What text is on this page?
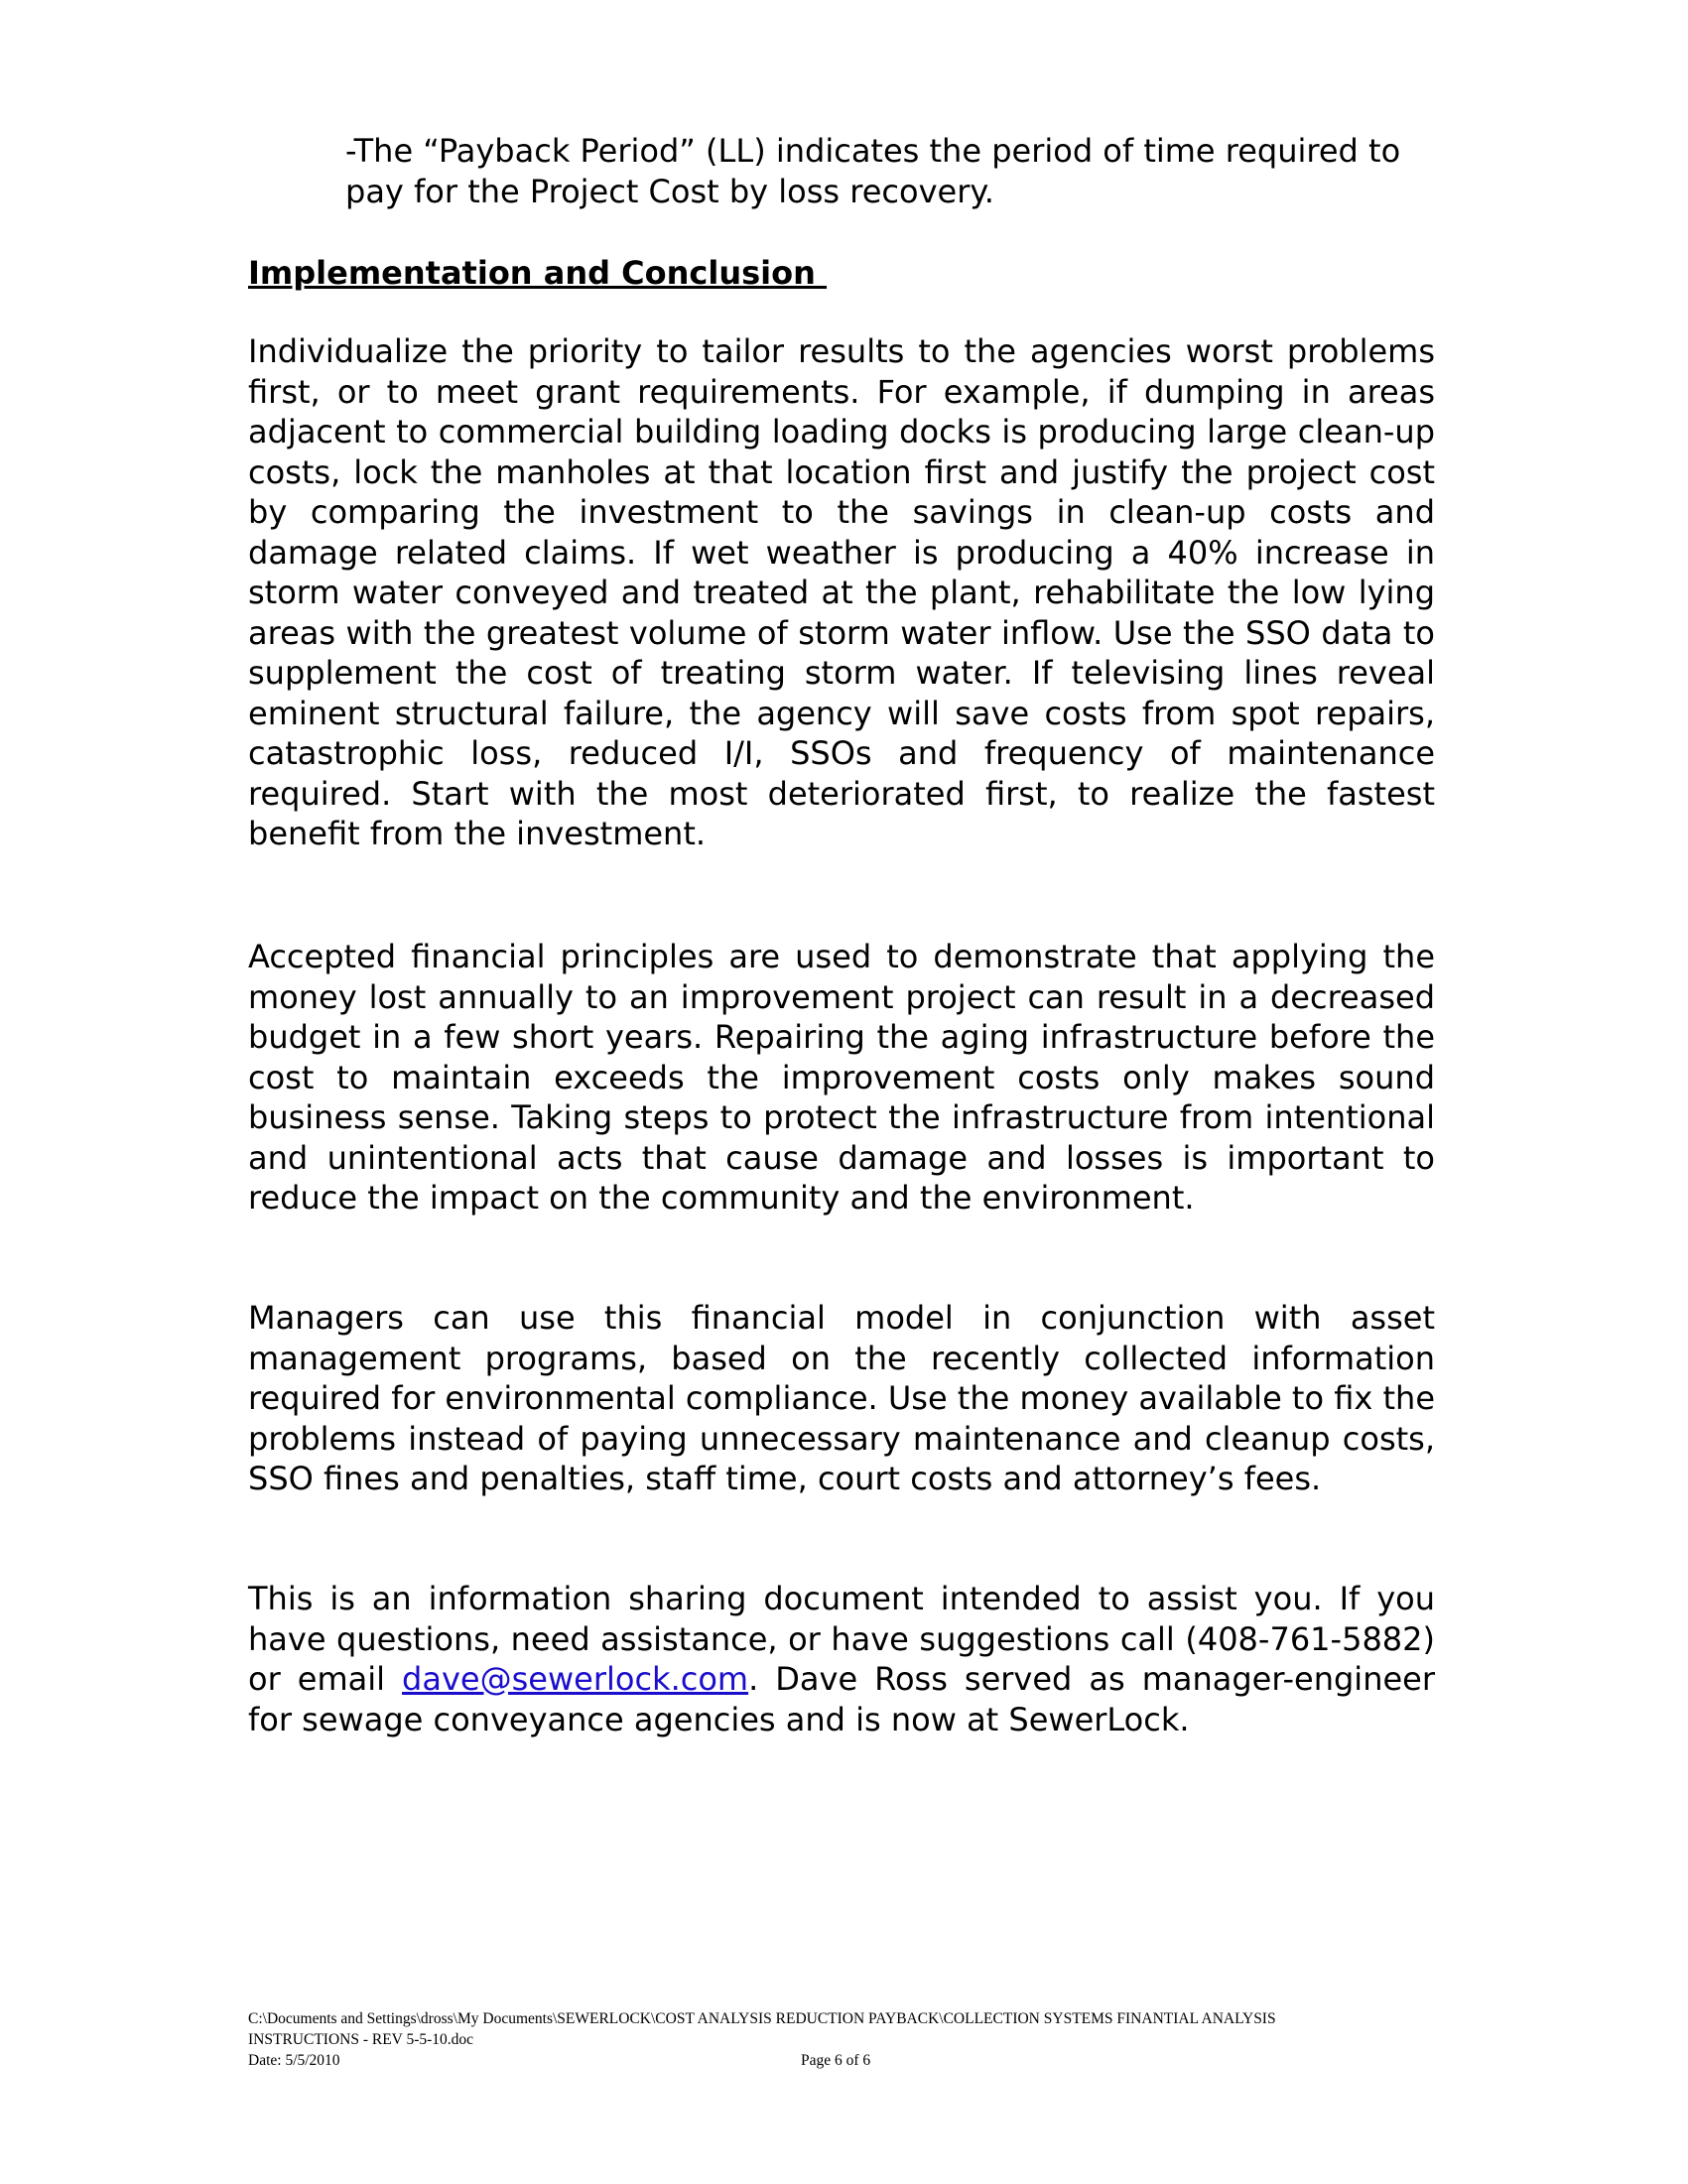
-The “Payback Period” (LL) indicates the period of time required to pay for the Project Cost by loss recovery.

Implementation and Conclusion

Individualize the priority to tailor results to the agencies worst problems first, or to meet grant requirements. For example, if dumping in areas adjacent to commercial building loading docks is producing large clean-up costs, lock the manholes at that location first and justify the project cost by comparing the investment to the savings in clean-up costs and damage related claims. If wet weather is producing a 40% increase in storm water conveyed and treated at the plant, rehabilitate the low lying areas with the greatest volume of storm water inflow. Use the SSO data to supplement the cost of treating storm water. If televising lines reveal eminent structural failure, the agency will save costs from spot repairs, catastrophic loss, reduced I/I, SSOs and frequency of maintenance required. Start with the most deteriorated first, to realize the fastest benefit from the investment.

Accepted financial principles are used to demonstrate that applying the money lost annually to an improvement project can result in a decreased budget in a few short years. Repairing the aging infrastructure before the cost to maintain exceeds the improvement costs only makes sound business sense. Taking steps to protect the infrastructure from intentional and unintentional acts that cause damage and losses is important to reduce the impact on the community and the environment.

Managers can use this financial model in conjunction with asset management programs, based on the recently collected information required for environmental compliance. Use the money available to fix the problems instead of paying unnecessary maintenance and cleanup costs, SSO fines and penalties, staff time, court costs and attorney’s fees.

This is an information sharing document intended to assist you. If you have questions, need assistance, or have suggestions call (408-761-5882) or email dave@sewerlock.com. Dave Ross served as manager-engineer for sewage conveyance agencies and is now at SewerLock.

C:\Documents and Settings\dross\My Documents\SEWERLOCK\COST ANALYSIS REDUCTION PAYBACK\COLLECTION SYSTEMS FINANTIAL ANALYSIS INSTRUCTIONS - REV 5-5-10.doc

Date: 5/5/2010	Page 6 of 6
